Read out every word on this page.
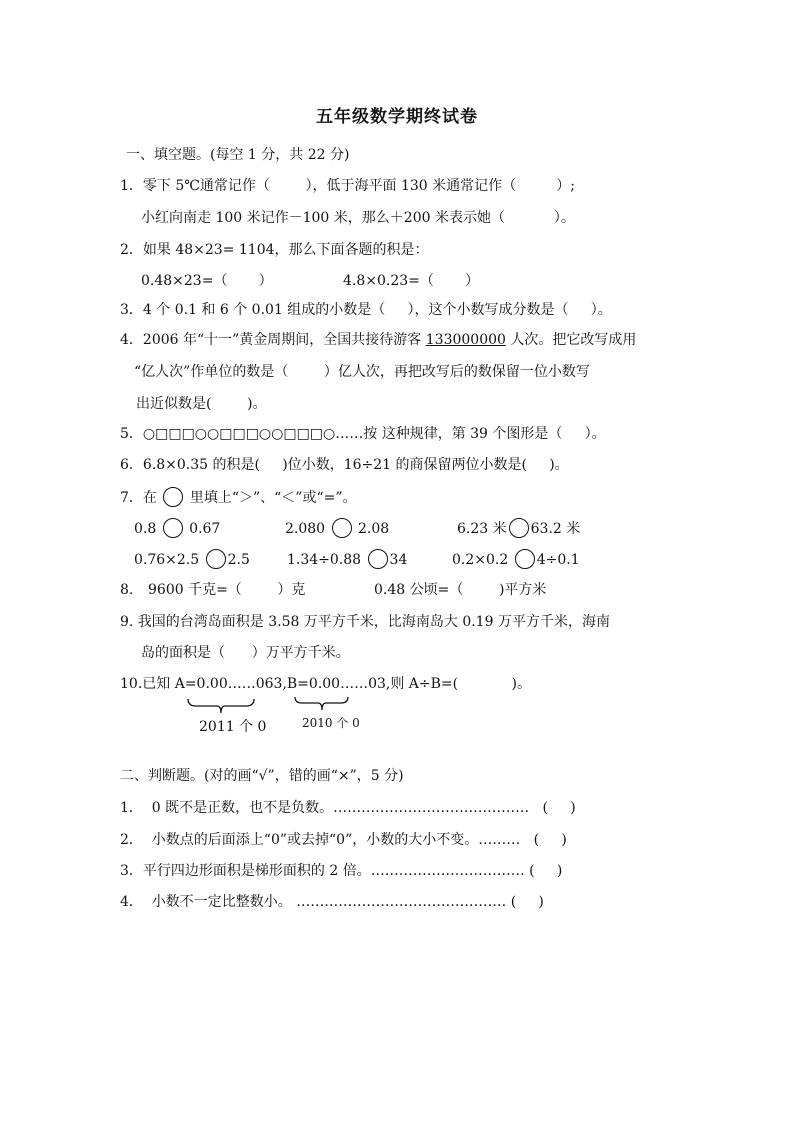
五年级数学期终试卷
一、填空题。(每空 1 分，共 22 分)
1．零下 5℃通常记作（        ），低于海平面 130 米通常记作（         ）;
小红向南走 100 米记作－100 米，那么＋200 米表示她（           ）。
2．如果 48×23= 1104，那么下面各题的积是：
0.48×23=（       ）	4.8×0.23=（       ）
3．4 个 0.1 和 6 个 0.01 组成的小数是（     ），这个小数写成分数是（     ）。
4．2006 年“十一”黄金周期间，全国共接待游客 133000000 人次。把它改写成用
“亿人次”作单位的数是（        ）亿人次，再把改写后的数保留一位小数写
出近似数是(        )。
5．○□□□○○□□□○○□□□○……按 这种规律，第 39 个图形是（     ）。
6．6.8×0.35 的积是(     )位小数，16÷21 的商保留两位小数是(     )。
7．在 里填上“＞”、“＜”或“=”。
0.8 0.67	2.080 2.08	6.23 米 63.2 米
0.76×2.5 2.5	1.34÷0.88 34	0.2×0.2 4÷0.1
8. 9600 千克=（        ）克	0.48 公顷=（        )平方米
9. 我国的台湾岛面积是 3.58 万平方千米，比海南岛大 0.19 万平方千米，海南
岛的面积是（      ）万平方千米。
10.已知 A=0.00……063,B=0.00……03,则 A÷B=(            )。
2011 个 0	2010 个 0
二、判断题。(对的画“√”，错的画“×”，5 分)
1．  0 既不是正数，也不是负数。……………………………………   (     )
2．  小数点的后面添上“0”或去掉“0”，小数的大小不变。………   (     )
3．平行四边形面积是梯形面积的 2 倍。…………………………… (     )
4．  小数不一定比整数小。 ……………………………………… (     )
